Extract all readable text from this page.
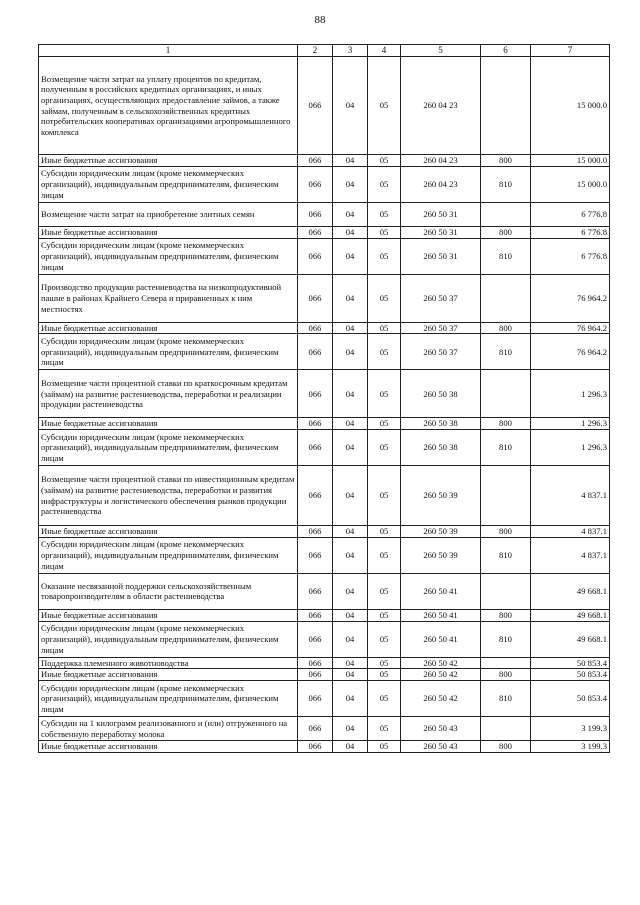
88
1	2	3	4	5	6	7
Возмещение части затрат на уплату процентов по кредитам, полученным в российских кредитных организациях, и иных организациях, осуществляющих предоставление займов, а также займам, полученным в сельскохозяйственных кредитных потребительских кооперативах организациями агропромышленного комплекса	066	04	05	260 04 23		15 000.0
Иные бюджетные ассигнования	066	04	05	260 04 23	800	15 000.0
Субсидии юридическим лицам (кроме некоммерческих организаций), индивидуальным предпринимателям, физическим лицам	066	04	05	260 04 23	810	15 000.0
Возмещение части затрат на приобретение элитных семян	066	04	05	260 50 31		6 776.8
Иные бюджетные ассигнования	066	04	05	260 50 31	800	6 776.8
Субсидии юридическим лицам (кроме некоммерческих организаций), индивидуальным предпринимателям, физическим лицам	066	04	05	260 50 31	810	6 776.8
Производство продукции растениеводства на низкопродуктивной пашне в районах Крайнего Севера и приравненных к ним местностях	066	04	05	260 50 37		76 964.2
Иные бюджетные ассигнования	066	04	05	260 50 37	800	76 964.2
Субсидии юридическим лицам (кроме некоммерческих организаций), индивидуальным предпринимателям, физическим лицам	066	04	05	260 50 37	810	76 964.2
Возмещение части процентной ставки по краткосрочным кредитам (займам) на развитие растениеводства, переработки и реализации продукции растениеводства	066	04	05	260 50 38		1 296.3
Иные бюджетные ассигнования	066	04	05	260 50 38	800	1 296.3
Субсидии юридическим лицам (кроме некоммерческих организаций), индивидуальным предпринимателям, физическим лицам	066	04	05	260 50 38	810	1 296.3
Возмещение части процентной ставки по инвестиционным кредитам (займам) на развитие растениеводства, переработки и развития инфраструктуры и логистического обеспечения рынков продукции растениеводства	066	04	05	260 50 39		4 837.1
Иные бюджетные ассигнования	066	04	05	260 50 39	800	4 837.1
Субсидии юридическим лицам (кроме некоммерческих организаций), индивидуальным предпринимателям, физическим лицам	066	04	05	260 50 39	810	4 837.1
Оказание несвязанной поддержки сельскохозяйственным товаропроизводителям в области растениеводства	066	04	05	260 50 41		49 668.1
Иные бюджетные ассигнования	066	04	05	260 50 41	800	49 668.1
Субсидии юридическим лицам (кроме некоммерческих организаций), индивидуальным предпринимателям, физическим лицам	066	04	05	260 50 41	810	49 668.1
Поддержка племенного животноводства	066	04	05	260 50 42		50 853.4
Иные бюджетные ассигнования	066	04	05	260 50 42	800	50 853.4
Субсидии юридическим лицам (кроме некоммерческих организаций), индивидуальным предпринимателям, физическим лицам	066	04	05	260 50 42	810	50 853.4
Субсидии на 1 килограмм реализованного и (или) отгруженного на собственную переработку молока	066	04	05	260 50 43		3 199.3
Иные бюджетные ассигнования	066	04	05	260 50 43	800	3 199.3
